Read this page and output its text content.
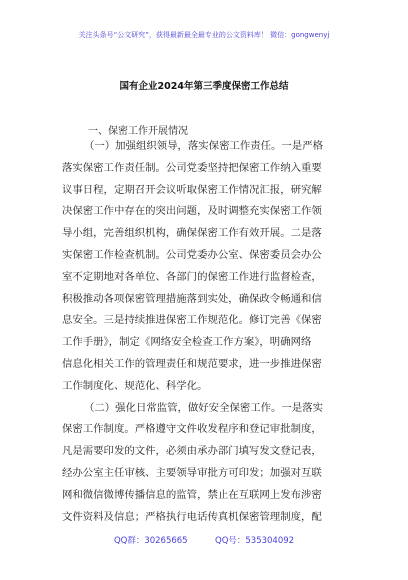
关注头条号“公文研究”，获得最新最全最专业的公文资料库！ 微信：gongwenyj
国有企业2024年第三季度保密工作总结
一、保密工作开展情况
（一）加强组织领导，落实保密工作责任。一是严格
落实保密工作责任制。公司党委坚持把保密工作纳入重要
议事日程，定期召开会议听取保密工作情况汇报，研究解
决保密工作中存在的突出问题，及时调整充实保密工作领
导小组，完善组织机构，确保保密工作有效开展。二是落
实保密工作检查机制。公司党委办公室、保密委员会办公
室不定期地对各单位、各部门的保密工作进行监督检查，
积极推动各项保密管理措施落到实处，确保政令畅通和信
息安全。三是持续推进保密工作规范化。修订完善《保密
工作手册》，制定《网络安全检查工作方案》，明确网络
信息化相关工作的管理责任和规范要求，进一步推进保密
工作制度化、规范化、科学化。
（二）强化日常监管，做好安全保密工作。一是落实
保密工作制度。严格遵守文件收发程序和登记审批制度，
凡是需要印发的文件，必须由承办部门填写发文登记表，
经办公室主任审核、主要领导审批方可印发；加强对互联
网和微信微博传播信息的监管，禁止在互联网上发布涉密
文件资料及信息；严格执行电话传真机保密管理制度，配
QQ群：30265665	QQ号：535304092
